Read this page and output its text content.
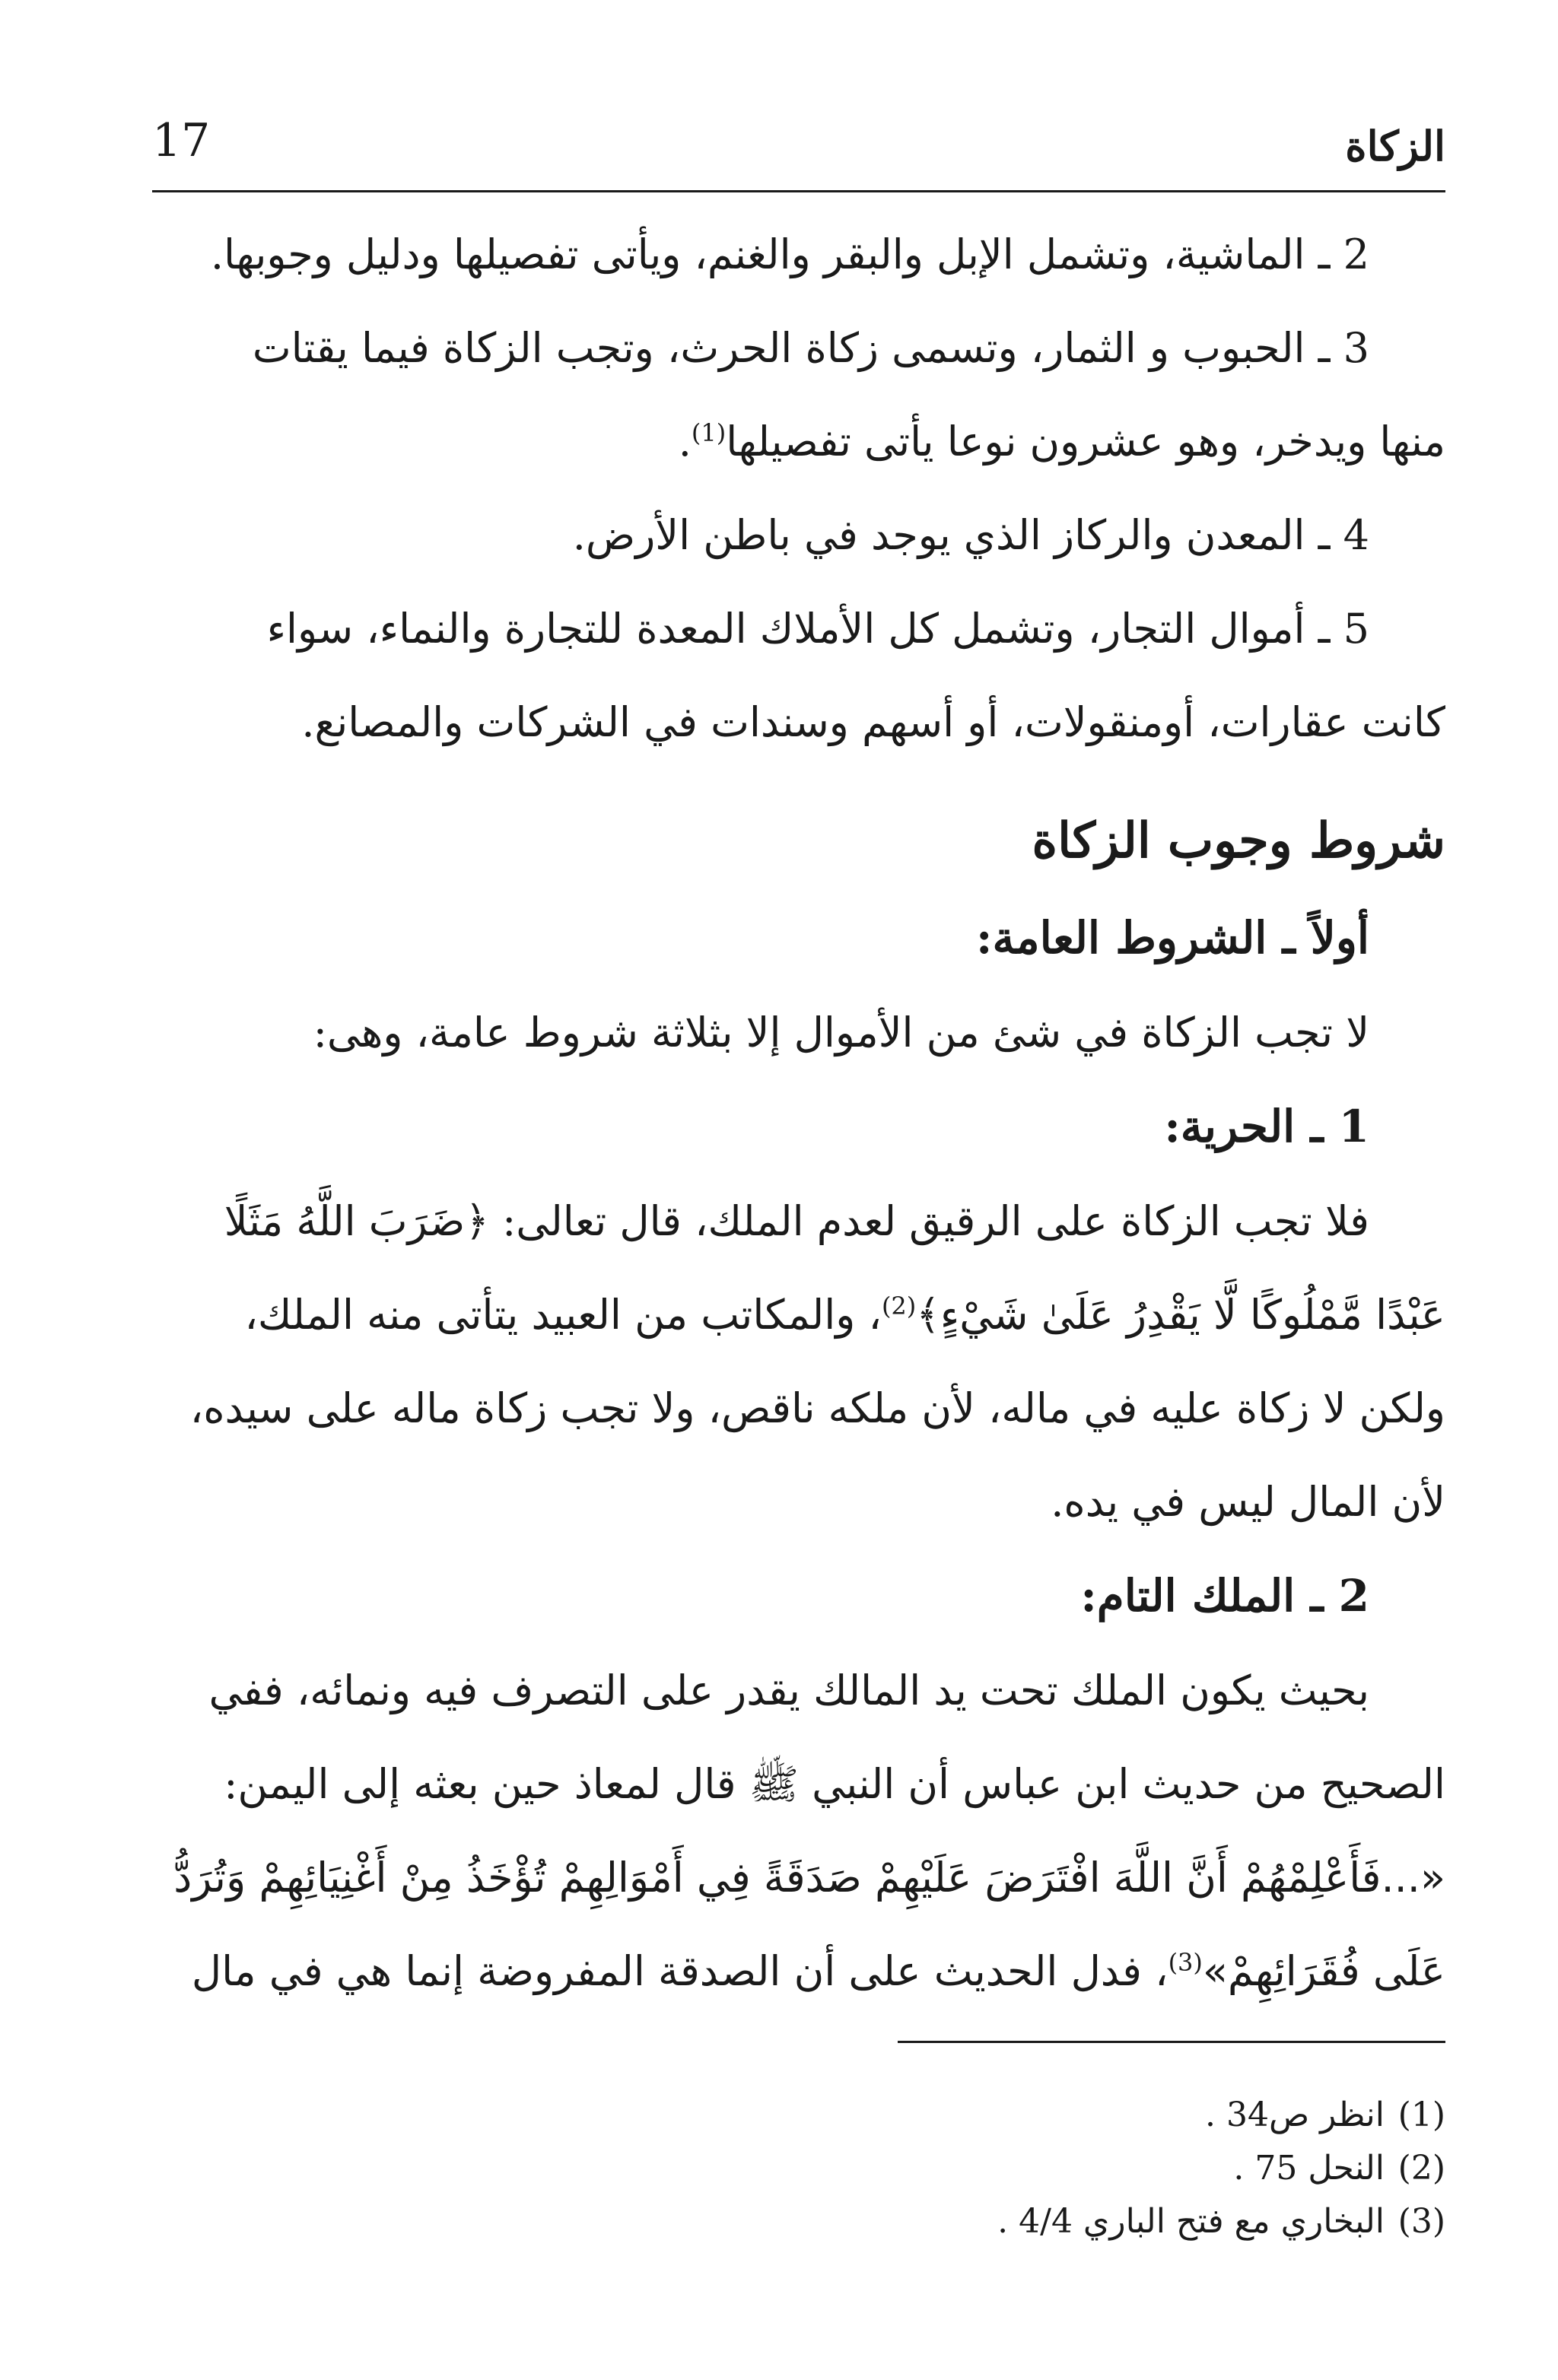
الزكاة
17

2 ـ الماشية، وتشمل الإبل والبقر والغنم، ويأتى تفصيلها ودليل وجوبها.

3 ـ الحبوب و الثمار، وتسمى زكاة الحرث، وتجب الزكاة فيما يقتات

منها ويدخر، وهو عشرون نوعا يأتى تفصيلها$^{(1)}$.

4 ـ المعدن والركاز الذي يوجد في باطن الأرض.

5 ـ أموال التجار، وتشمل كل الأملاك المعدة للتجارة والنماء، سواء

كانت عقارات، أومنقولات، أو أسهم وسندات في الشركات والمصانع.

شروط وجوب الزكاة
أولاً ـ الشروط العامة:

لا تجب الزكاة في شئ من الأموال إلا بثلاثة شروط عامة، وهى:

1 ـ الحرية:

فلا تجب الزكاة على الرقيق لعدم الملك، قال تعالى: ﴿ضَرَبَ اللَّهُ مَثَلًا

عَبْدًا مَّمْلُوكًا لَّا يَقْدِرُ عَلَىٰ شَيْءٍ﴾$^{(2)}$، والمكاتب من العبيد يتأتى منه الملك،

ولكن لا زكاة عليه في ماله، لأن ملكه ناقص، ولا تجب زكاة ماله على سيده،

لأن المال ليس في يده.

2 ـ الملك التام:

بحيث يكون الملك تحت يد المالك يقدر على التصرف فيه ونمائه، ففي

الصحيح من حديث ابن عباس أن النبي ﷺ قال لمعاذ حين بعثه إلى اليمن:

«...فَأَعْلِمْهُمْ أَنَّ اللَّهَ افْتَرَضَ عَلَيْهِمْ صَدَقَةً فِي أَمْوَالِهِمْ تُؤْخَذُ مِنْ أَغْنِيَائِهِمْ وَتُرَدُّ

عَلَى فُقَرَائِهِمْ»$^{(3)}$، فدل الحديث على أن الصدقة المفروضة إنما هي في مال

(1)انظر ص34 .

(2)النحل 75 .

(3)البخاري مع فتح الباري 4/4 .
